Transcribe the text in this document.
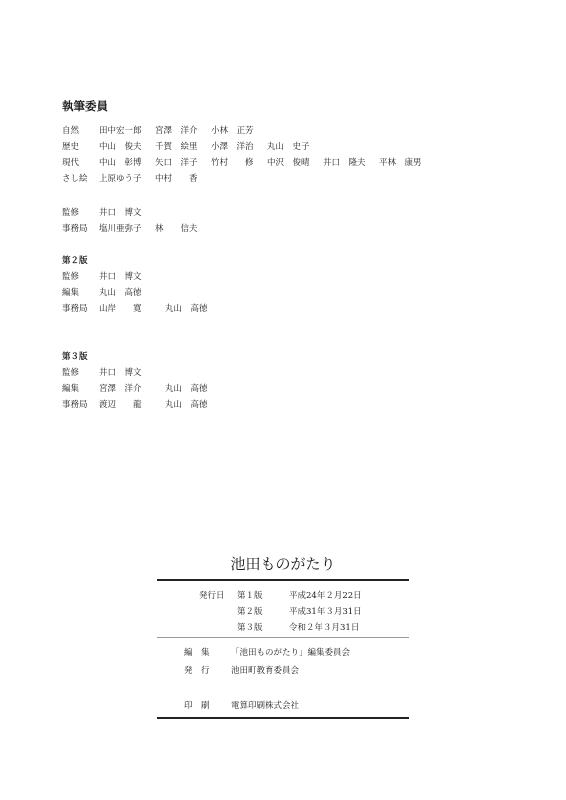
執筆委員
自然 田中宏一郎 宮澤　洋介 小林　正芳
歴史 中山　俊夫 千賀　絵里 小澤　洋治 丸山　史子
現代 中山　彰博 矢口　洋子 竹村　　修 中沢　俊晴 井口　隆夫 平林　康男
さし絵 上原ゆう子 中村　　香
監修 井口　博文
事務局 塩川亜弥子 林　　信夫
第２版
監修 井口　博文
編集 丸山　高徳
事務局 山岸　　寛	丸山　高徳
第３版
監修 井口　博文
編集 宮澤　洋介	丸山　高徳
事務局 渡辺　　龍	丸山　高徳
池田ものがたり
発行日 第１版	平成24年２月22日
第２版	平成31年３月31日
第３版	令和２年３月31日
編　集	「池田ものがたり」編集委員会
発　行	池田町教育委員会
印　刷	電算印刷株式会社
